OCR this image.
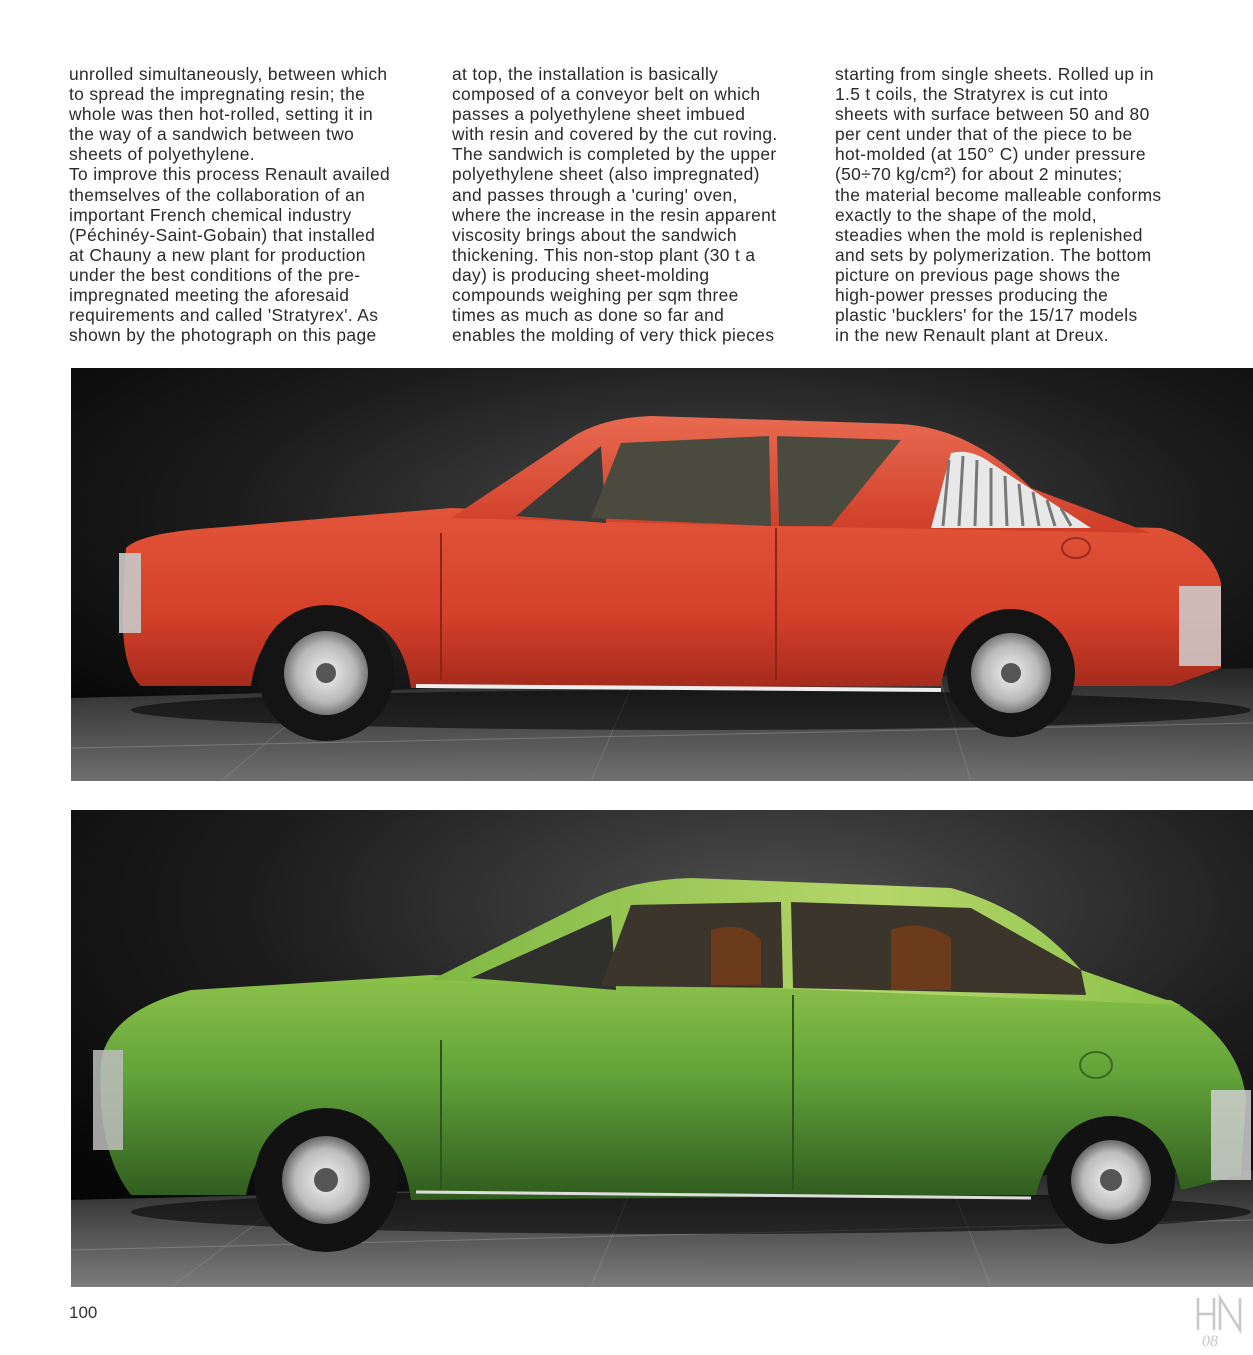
unrolled simultaneously, between which
to spread the impregnating resin; the
whole was then hot-rolled, setting it in
the way of a sandwich between two
sheets of polyethylene.
To improve this process Renault availed
themselves of the collaboration of an
important French chemical industry
(Péchinéy-Saint-Gobain) that installed
at Chauny a new plant for production
under the best conditions of the pre-
impregnated meeting the aforesaid
requirements and called 'Stratyrex'. As
shown by the photograph on this page
at top, the installation is basically
composed of a conveyor belt on which
passes a polyethylene sheet imbued
with resin and covered by the cut roving.
The sandwich is completed by the upper
polyethylene sheet (also impregnated)
and passes through a 'curing' oven,
where the increase in the resin apparent
viscosity brings about the sandwich
thickening. This non-stop plant (30 t a
day) is producing sheet-molding
compounds weighing per sqm three
times as much as done so far and
enables the molding of very thick pieces
starting from single sheets. Rolled up in
1.5 t coils, the Stratyrex is cut into
sheets with surface between 50 and 80
per cent under that of the piece to be
hot-molded (at 150° C) under pressure
(50÷70 kg/cm²) for about 2 minutes;
the material become malleable conforms
exactly to the shape of the mold,
steadies when the mold is replenished
and sets by polymerization. The bottom
picture on previous page shows the
high-power presses producing the
plastic 'bucklers' for the 15/17 models
in the new Renault plant at Dreux.
100
08
